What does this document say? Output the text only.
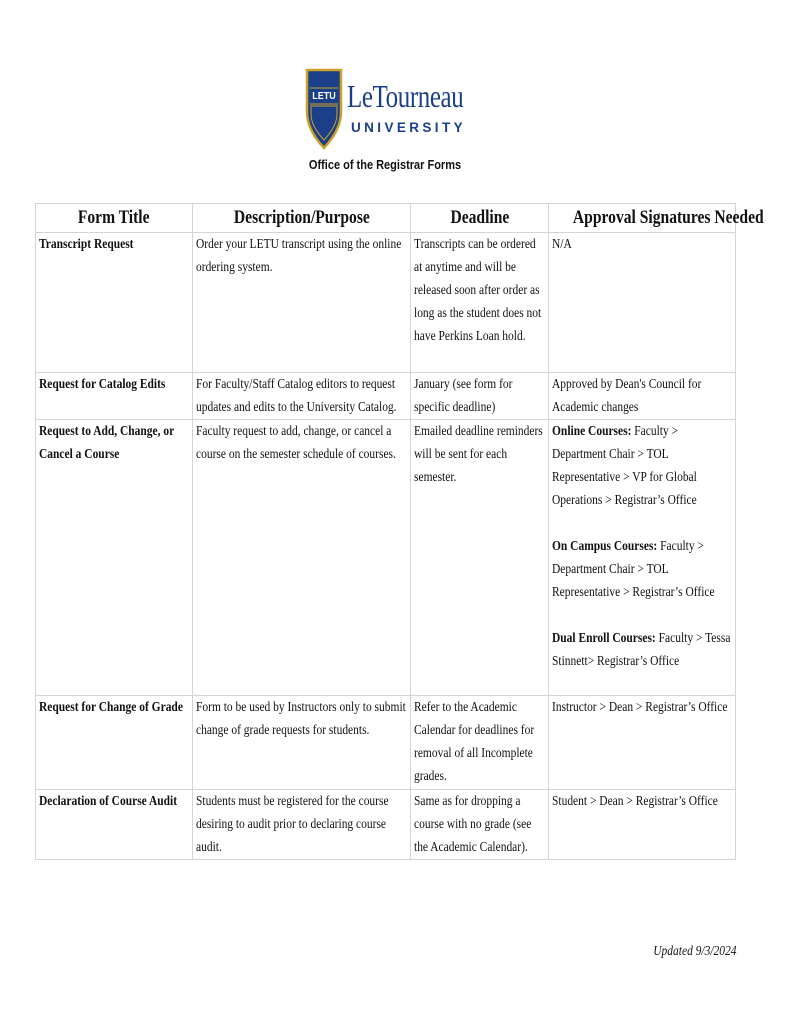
LETU LeTourneau
UNIVERSITY
Office of the Registrar Forms
Form Title	Description/Purpose	Deadline	Approval Signatures Needed

Transcript Request	Order your LETU transcript using the online ordering system.	Transcripts can be ordered at anytime and will be released soon after order as long as the student does not have Perkins Loan hold.	N/A

Request for Catalog Edits	For Faculty/Staff Catalog editors to request updates and edits to the University Catalog.	January (see form for specific deadline)	Approved by Dean's Council for Academic changes

Request to Add, Change, or Cancel a Course	Faculty request to add, change, or cancel a course on the semester schedule of courses.	Emailed deadline reminders will be sent for each semester.	Online Courses: Faculty > Department Chair > TOL Representative > VP for Global Operations > Registrar’s Office
On Campus Courses: Faculty > Department Chair > TOL Representative > Registrar’s Office
Dual Enroll Courses: Faculty > Tessa Stinnett> Registrar’s Office

Request for Change of Grade	Form to be used by Instructors only to submit change of grade requests for students.	Refer to the Academic Calendar for deadlines for removal of all Incomplete grades.	Instructor > Dean > Registrar’s Office

Declaration of Course Audit	Students must be registered for the course desiring to audit prior to declaring course audit.	Same as for dropping a course with no grade (see the Academic Calendar).	Student > Dean > Registrar’s Office
Updated 9/3/2024
